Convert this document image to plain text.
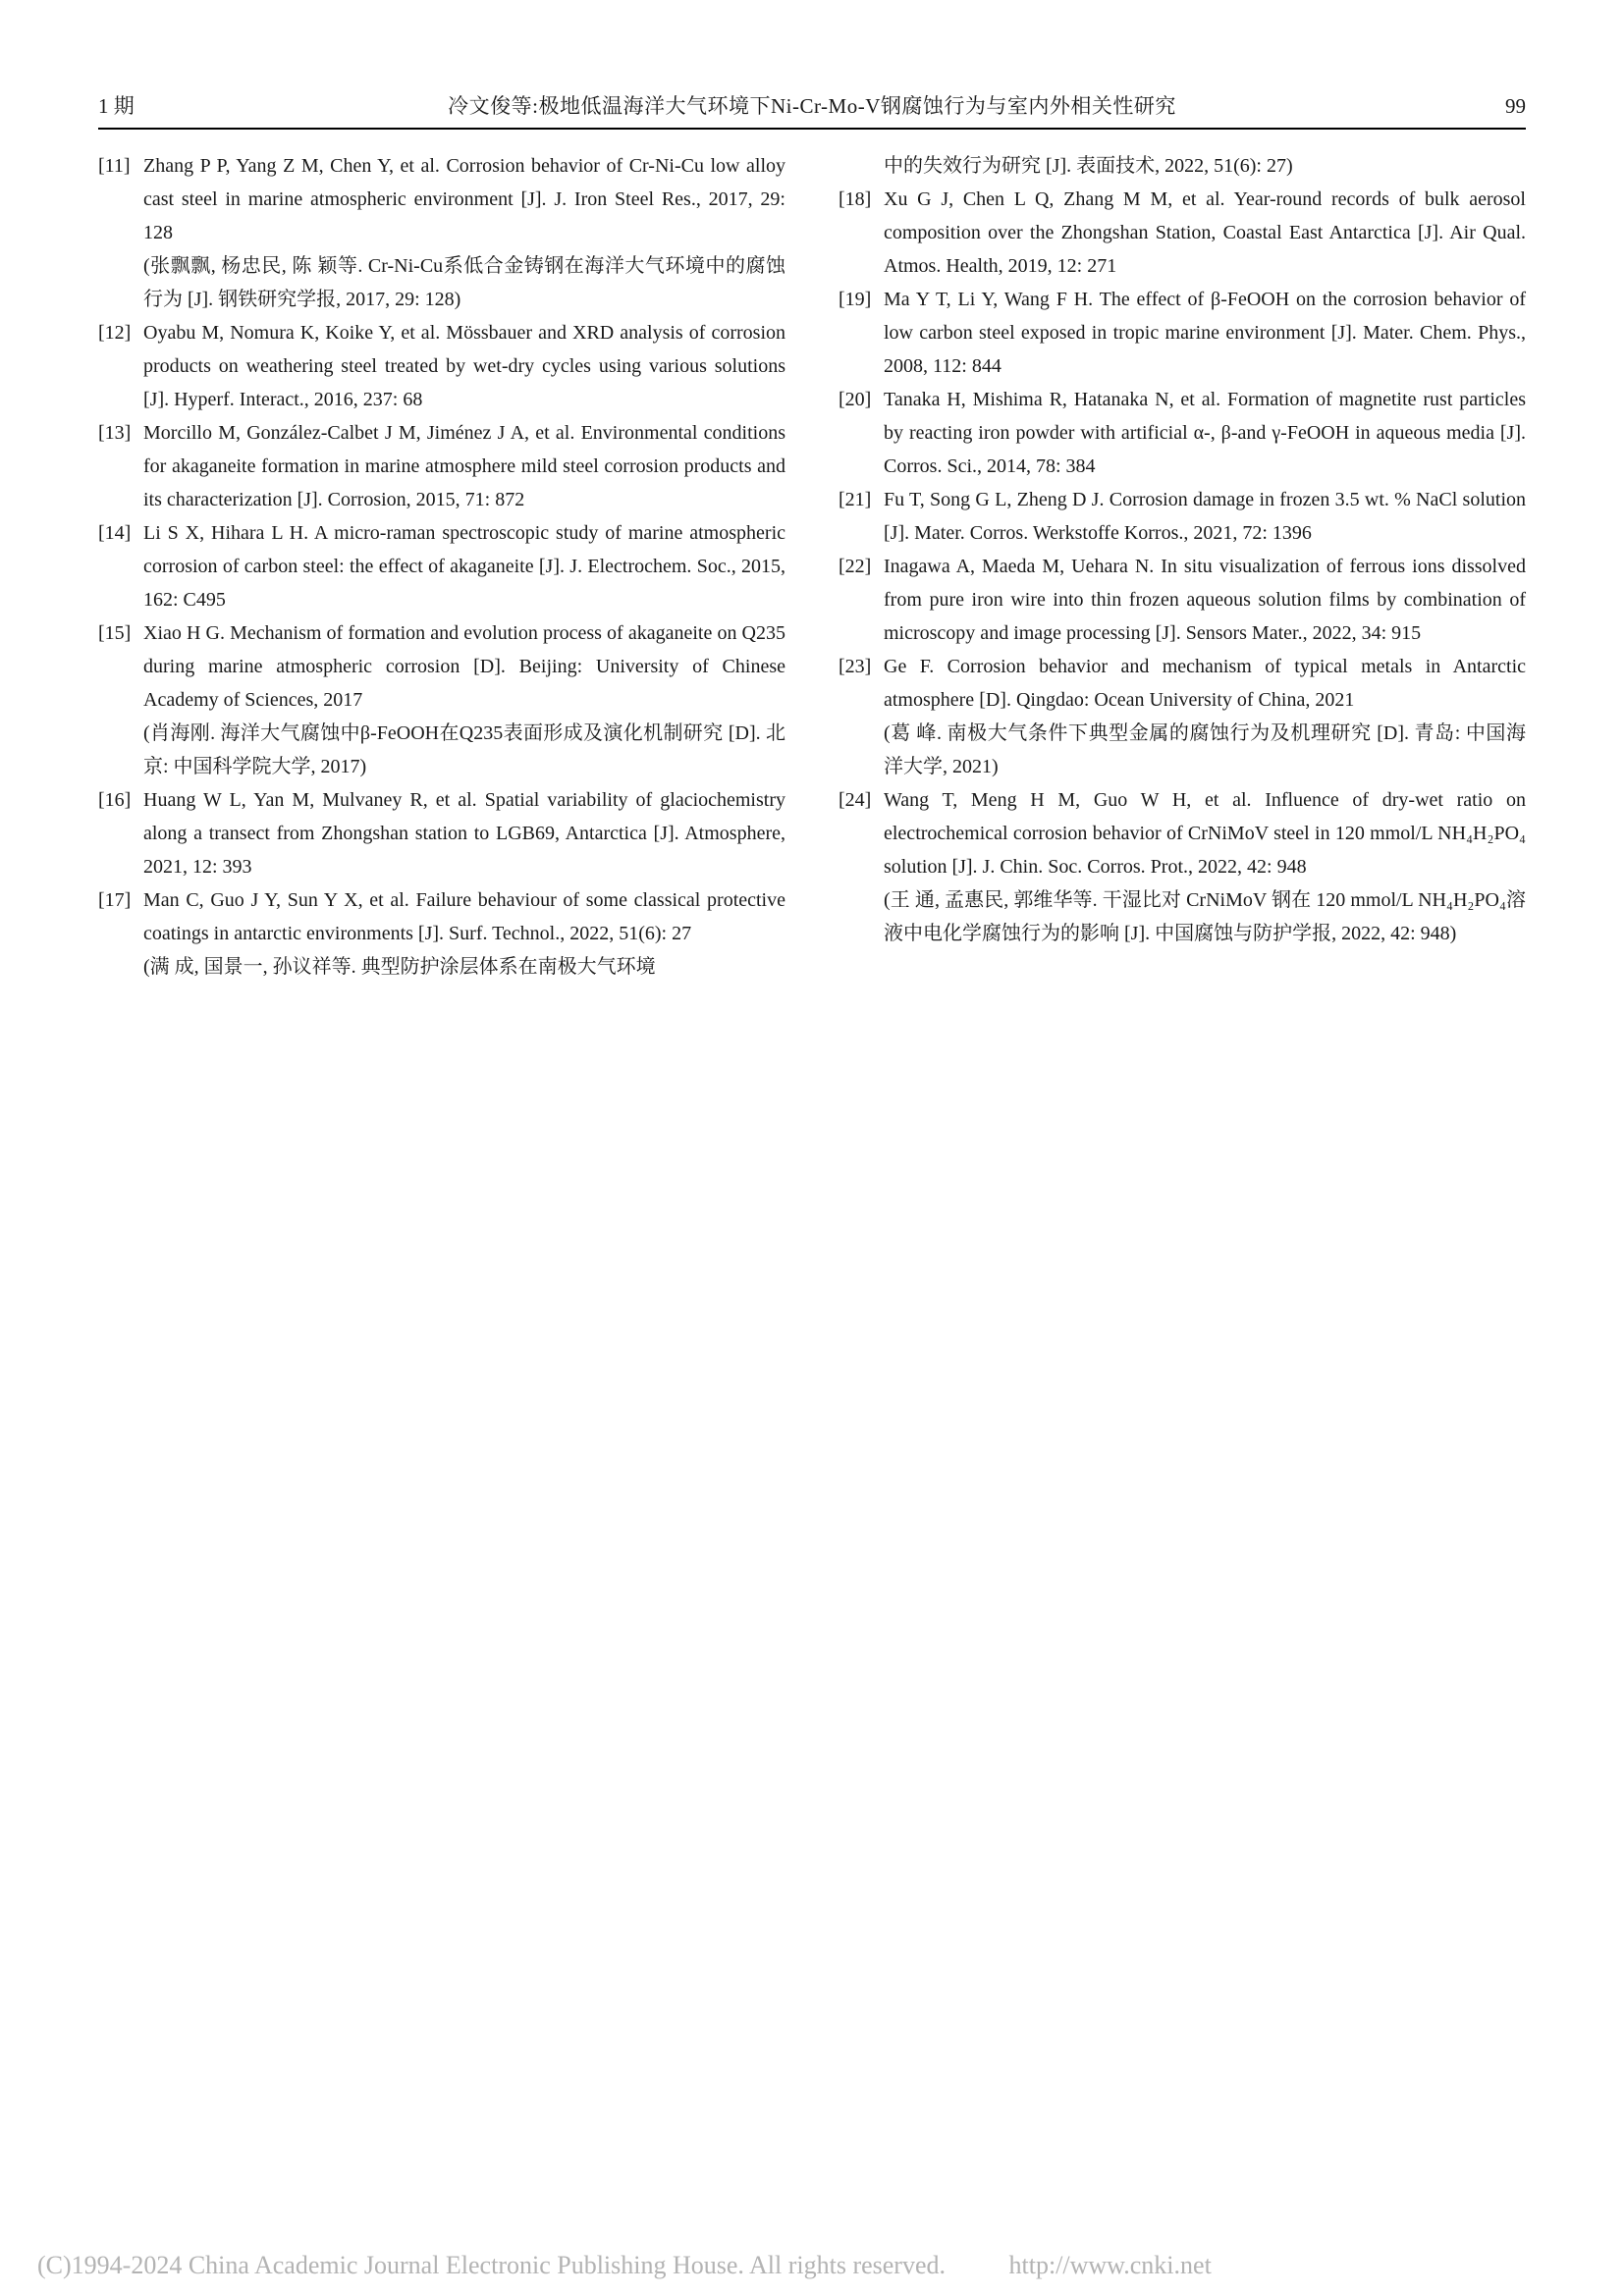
1 期	冷文俊等:极地低温海洋大气环境下Ni-Cr-Mo-V钢腐蚀行为与室内外相关性研究	99
[11] Zhang P P, Yang Z M, Chen Y, et al. Corrosion behavior of Cr-Ni-Cu low alloy cast steel in marine atmospheric environment [J]. J. Iron Steel Res., 2017, 29: 128
(张飘飘, 杨忠民, 陈 颖等. Cr-Ni-Cu系低合金铸钢在海洋大气环境中的腐蚀行为 [J]. 钢铁研究学报, 2017, 29: 128)
[12] Oyabu M, Nomura K, Koike Y, et al. Mössbauer and XRD analysis of corrosion products on weathering steel treated by wet-dry cycles using various solutions [J]. Hyperf. Interact., 2016, 237: 68
[13] Morcillo M, González-Calbet J M, Jiménez J A, et al. Environmental conditions for akaganeite formation in marine atmosphere mild steel corrosion products and its characterization [J]. Corrosion, 2015, 71: 872
[14] Li S X, Hihara L H. A micro-raman spectroscopic study of marine atmospheric corrosion of carbon steel: the effect of akaganeite [J]. J. Electrochem. Soc., 2015, 162: C495
[15] Xiao H G. Mechanism of formation and evolution process of akaganeite on Q235 during marine atmospheric corrosion [D]. Beijing: University of Chinese Academy of Sciences, 2017
(肖海刚. 海洋大气腐蚀中β-FeOOH在Q235表面形成及演化机制研究 [D]. 北京: 中国科学院大学, 2017)
[16] Huang W L, Yan M, Mulvaney R, et al. Spatial variability of glaciochemistry along a transect from Zhongshan station to LGB69, Antarctica [J]. Atmosphere, 2021, 12: 393
[17] Man C, Guo J Y, Sun Y X, et al. Failure behaviour of some classical protective coatings in antarctic environments [J]. Surf. Technol., 2022, 51(6): 27
(满 成, 国景一, 孙议祥等. 典型防护涂层体系在南极大气环境
中的失效行为研究 [J]. 表面技术, 2022, 51(6): 27)
[18] Xu G J, Chen L Q, Zhang M M, et al. Year-round records of bulk aerosol composition over the Zhongshan Station, Coastal East Antarctica [J]. Air Qual. Atmos. Health, 2019, 12: 271
[19] Ma Y T, Li Y, Wang F H. The effect of β-FeOOH on the corrosion behavior of low carbon steel exposed in tropic marine environment [J]. Mater. Chem. Phys., 2008, 112: 844
[20] Tanaka H, Mishima R, Hatanaka N, et al. Formation of magnetite rust particles by reacting iron powder with artificial α-, β-and γ-FeOOH in aqueous media [J]. Corros. Sci., 2014, 78: 384
[21] Fu T, Song G L, Zheng D J. Corrosion damage in frozen 3.5 wt. % NaCl solution [J]. Mater. Corros. Werkstoffe Korros., 2021, 72: 1396
[22] Inagawa A, Maeda M, Uehara N. In situ visualization of ferrous ions dissolved from pure iron wire into thin frozen aqueous solution films by combination of microscopy and image processing [J]. Sensors Mater., 2022, 34: 915
[23] Ge F. Corrosion behavior and mechanism of typical metals in Antarctic atmosphere [D]. Qingdao: Ocean University of China, 2021
(葛 峰. 南极大气条件下典型金属的腐蚀行为及机理研究 [D]. 青岛: 中国海洋大学, 2021)
[24] Wang T, Meng H M, Guo W H, et al. Influence of dry-wet ratio on electrochemical corrosion behavior of CrNiMoV steel in 120 mmol/L NH₄H₂PO₄ solution [J]. J. Chin. Soc. Corros. Prot., 2022, 42: 948
(王 通, 孟惠民, 郭维华等. 干湿比对 CrNiMoV 钢在 120 mmol/L NH₄H₂PO₄溶液中电化学腐蚀行为的影响 [J]. 中国腐蚀与防护学报, 2022, 42: 948)
(C)1994-2024 China Academic Journal Electronic Publishing House. All rights reserved. http://www.cnki.net
